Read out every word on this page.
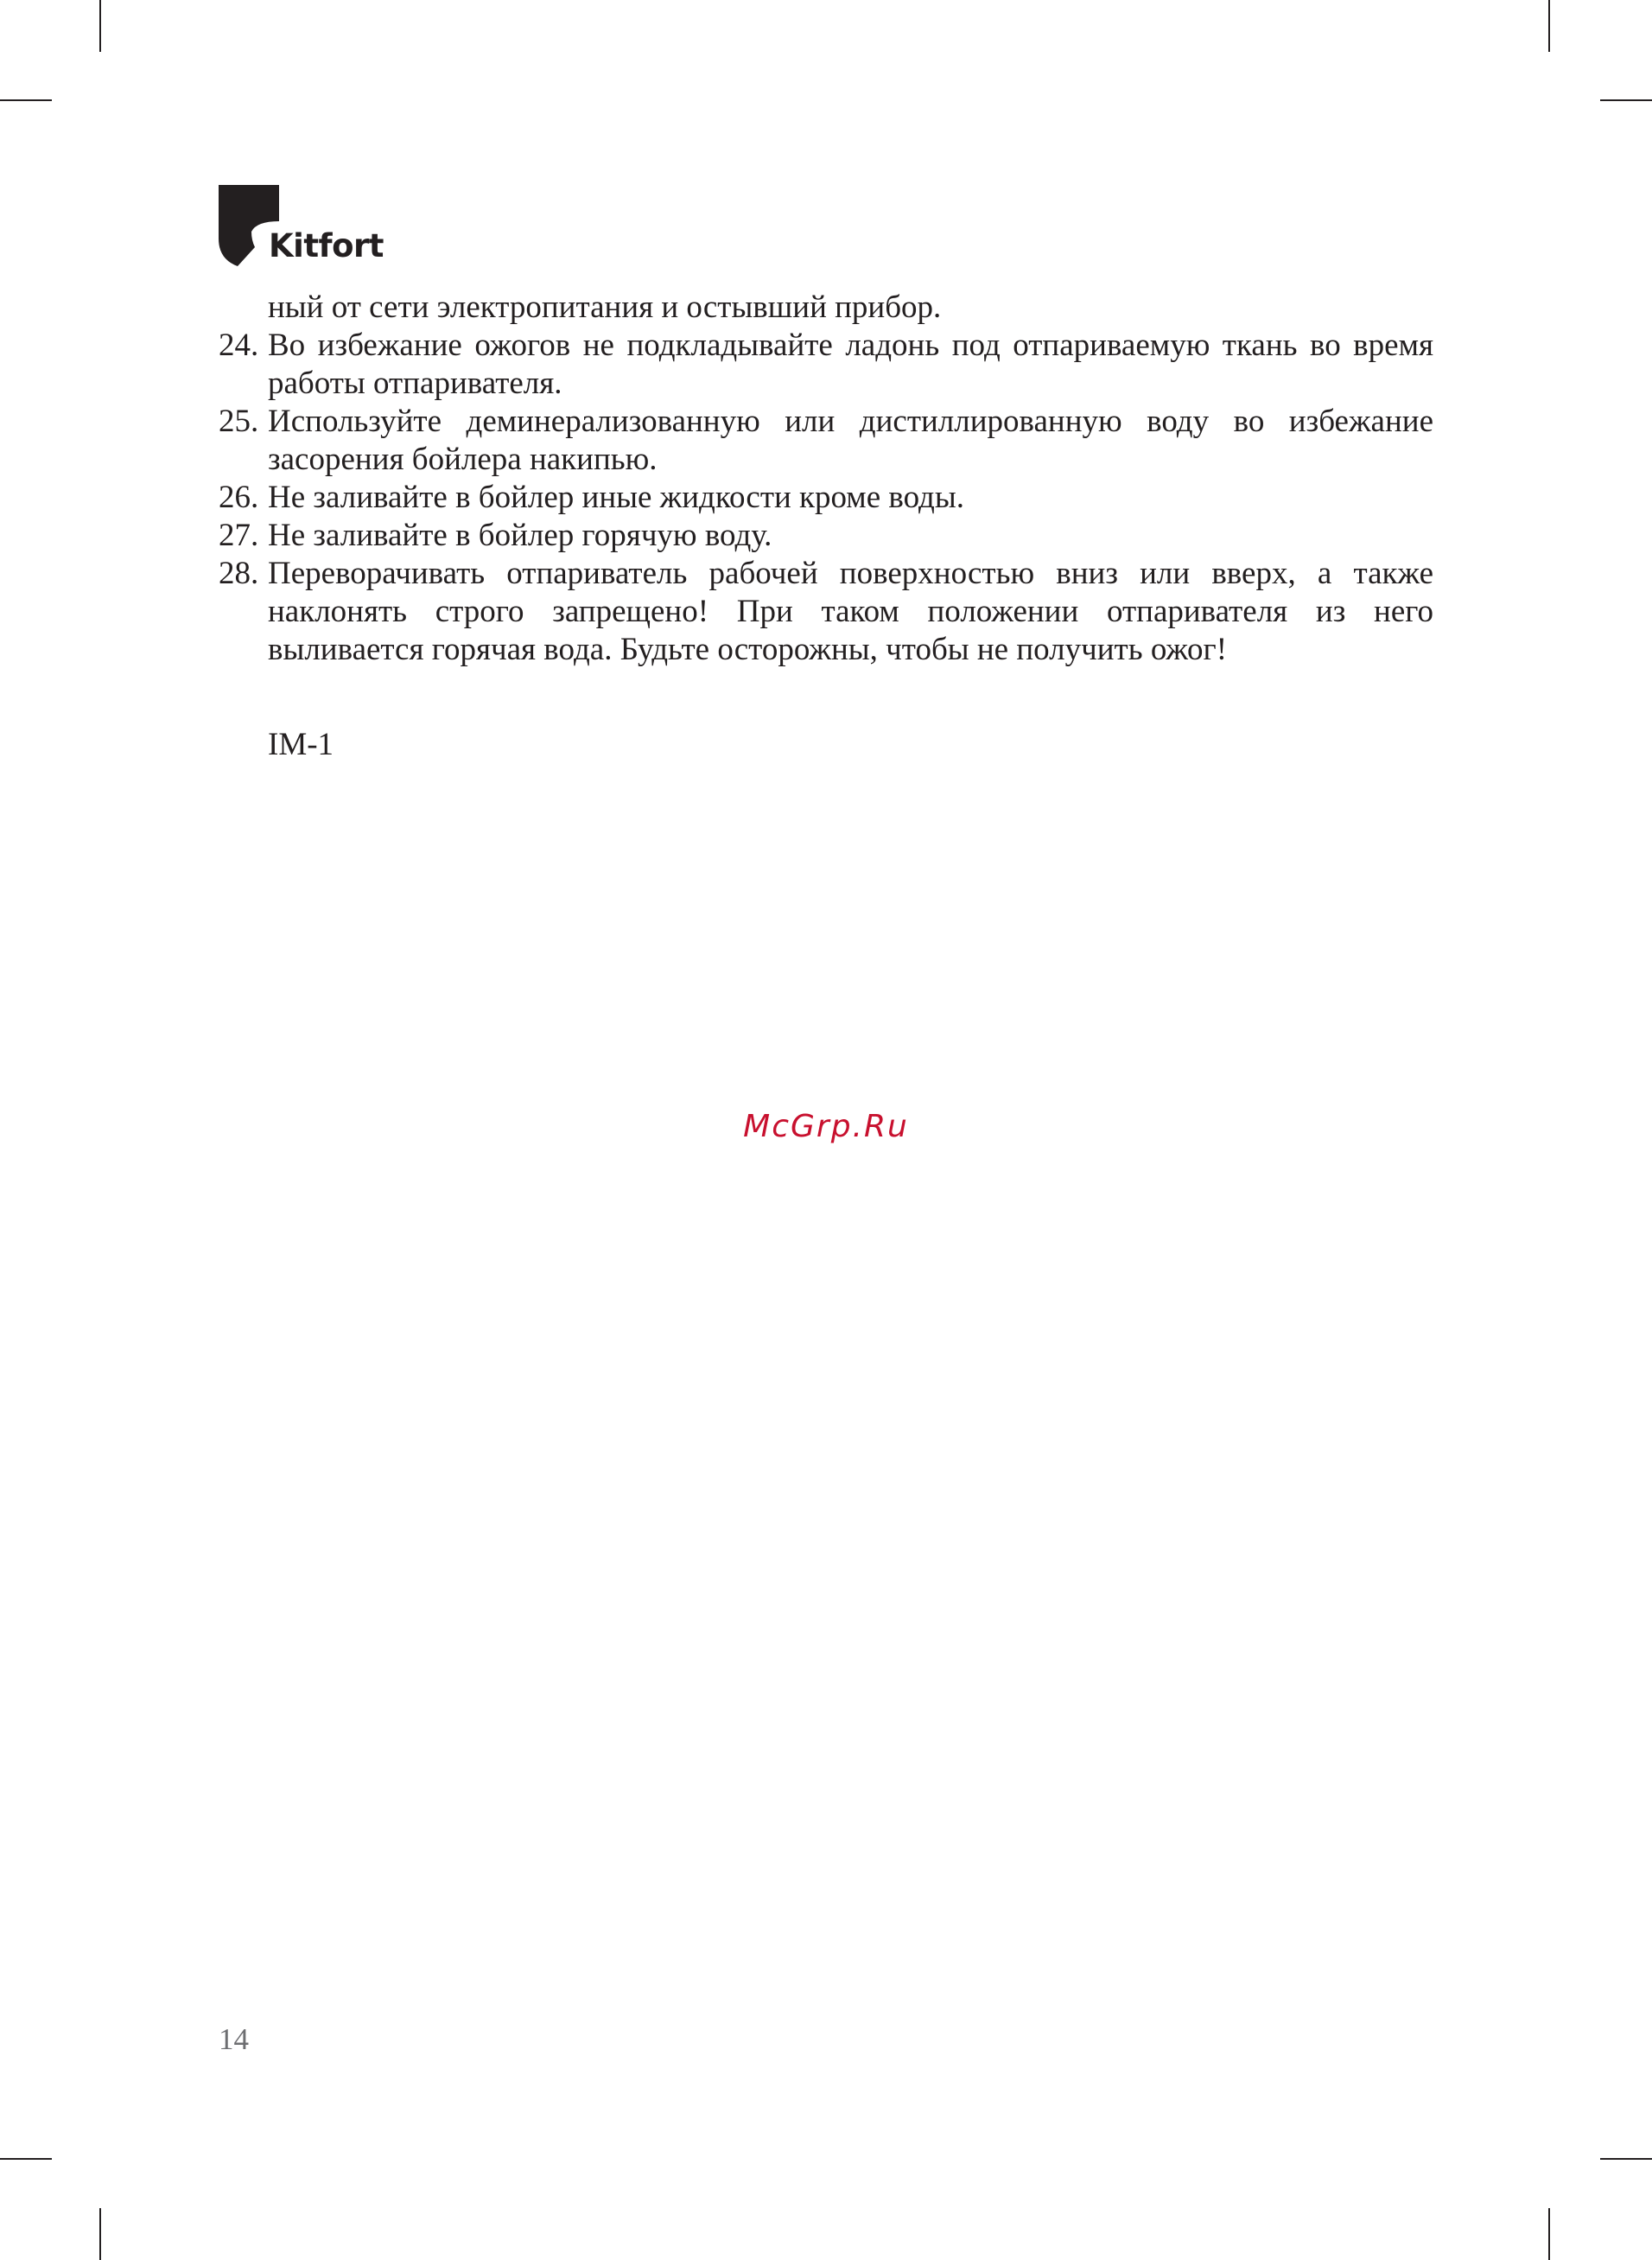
Kitfort

ный от сети электропитания и остывший прибор.

24. Во избежание ожогов не подкладывайте ладонь под отпариваемую ткань во время работы отпаривателя.
25. Используйте деминерализованную или дистиллированную воду во избежание засорения бойлера накипью.
26. Не заливайте в бойлер иные жидкости кроме воды.
27. Не заливайте в бойлер горячую воду.
28. Переворачивать отпариватель рабочей поверхностью вниз или вверх, а также наклонять строго запрещено! При таком положении отпаривателя из него выливается горячая вода. Будьте осторожны, чтобы не получить ожог!
IM-1
McGrp.Ru
14
